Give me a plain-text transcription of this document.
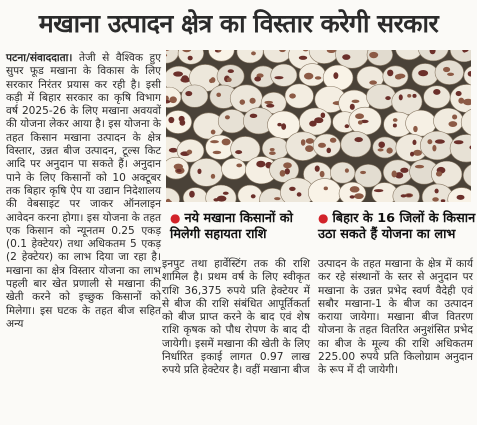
मखाना उत्पादन क्षेत्र का विस्तार करेगी सरकार

पटना/संवाददाता। तेजी से वैश्विक हुए सुपर फूड मखाना के विकास के लिए सरकार निरंतर प्रयास कर रही है। इसी कड़ी में बिहार सरकार का कृषि विभाग वर्ष 2025-26 के लिए मखाना अवयवों की योजना लेकर आया है। इस योजना के तहत किसान मखाना उत्पादन के क्षेत्र विस्तार, उन्नत बीज उत्पादन, टूल्स किट आदि पर अनुदान पा सकते हैं। अनुदान पाने के लिए किसानों को 10 अक्टूबर तक बिहार कृषि ऐप या उद्यान निदेशालय की वेबसाइट पर जाकर ऑनलाइन आवेदन करना होगा। इस योजना के तहत एक किसान को न्यूनतम 0.25 एकड़ (0.1 हेक्टेयर) तथा अधिकतम 5 एकड़ (2 हेक्टेयर) का लाभ दिया जा रहा है। मखाना का क्षेत्र विस्तार योजना का लाभ पहली बार खेत प्रणाली से मखाना की खेती करने को इच्छुक किसानों को मिलेगा। इस घटक के तहत बीज सहित अन्य

● नये मखाना किसानों को मिलेगी सहायता राशि
● बिहार के 16 जिलों के किसान उठा सकते हैं योजना का लाभ

इनपुट तथा हार्वेस्टिंग तक की राशि शामिल है। प्रथम वर्ष के लिए स्वीकृत राशि 36,375 रुपये प्रति हेक्टेयर में से बीज की राशि संबंधित आपूर्तिकर्ता को बीज प्राप्त करने के बाद एवं शेष राशि कृषक को पौध रोपण के बाद दी जायेगी। इसमें मखाना की खेती के लिए निर्धारित इकाई लागत 0.97 लाख रुपये प्रति हेक्टेयर है। वहीं मखाना बीज

उत्पादन के तहत मखाना के क्षेत्र में कार्य कर रहे संस्थानों के स्तर से अनुदान पर मखाना के उन्नत प्रभेद स्वर्ण वैदेही एवं सबौर मखाना-1 के बीज का उत्पादन कराया जायेगा। मखाना बीज वितरण योजना के तहत वितरित अनुशंसित प्रभेद का बीज के मूल्य की राशि अधिकतम 225.00 रुपये प्रति किलोग्राम अनुदान के रूप में दी जायेगी।
